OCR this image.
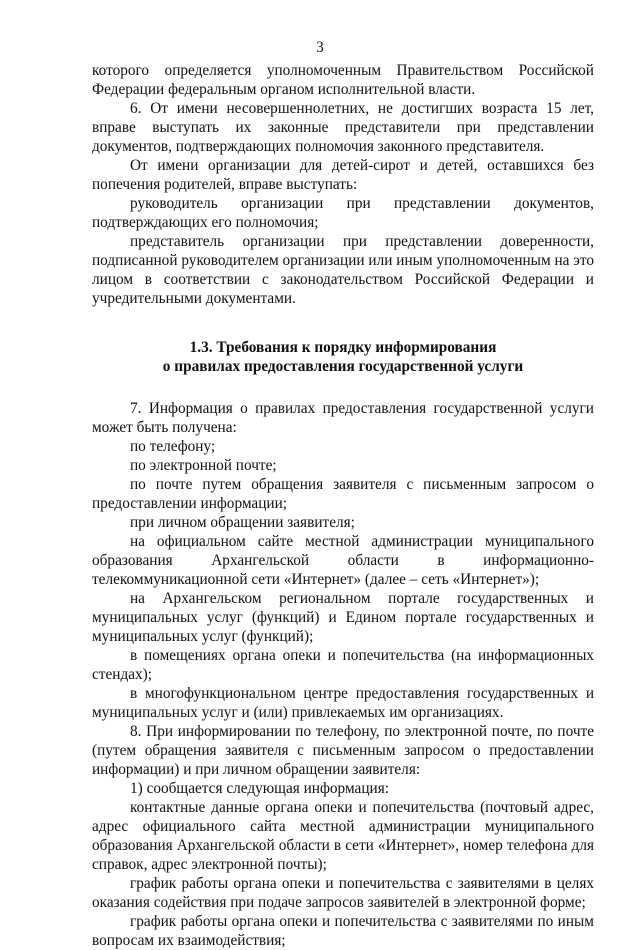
3

которого определяется уполномоченным Правительством Российской Федерации федеральным органом исполнительной власти.

6. От имени несовершеннолетних, не достигших возраста 15 лет, вправе выступать их законные представители при представлении документов, подтверждающих полномочия законного представителя.

От имени организации для детей-сирот и детей, оставшихся без попечения родителей, вправе выступать:

руководитель организации при представлении документов, подтверждающих его полномочия;

представитель организации при представлении доверенности, подписанной руководителем организации или иным уполномоченным на это лицом в соответствии с законодательством Российской Федерации и учредительными документами.

1.3. Требования к порядку информирования
о правилах предоставления государственной услуги

7. Информация о правилах предоставления государственной услуги может быть получена:

по телефону;

по электронной почте;

по почте путем обращения заявителя с письменным запросом о предоставлении информации;

при личном обращении заявителя;

на официальном сайте местной администрации муниципального образования Архангельской области в информационно-телекоммуникационной сети «Интернет» (далее – сеть «Интернет»);

на Архангельском региональном портале государственных и муниципальных услуг (функций) и Едином портале государственных и муниципальных услуг (функций);

в помещениях органа опеки и попечительства (на информационных стендах);

в многофункциональном центре предоставления государственных и муниципальных услуг и (или) привлекаемых им организациях.

8. При информировании по телефону, по электронной почте, по почте (путем обращения заявителя с письменным запросом о предоставлении информации) и при личном обращении заявителя:

1) сообщается следующая информация:

контактные данные органа опеки и попечительства (почтовый адрес, адрес официального сайта местной администрации муниципального образования Архангельской области в сети «Интернет», номер телефона для справок, адрес электронной почты);

график работы органа опеки и попечительства с заявителями в целях оказания содействия при подаче запросов заявителей в электронной форме;

график работы органа опеки и попечительства с заявителями по иным вопросам их взаимодействия;
